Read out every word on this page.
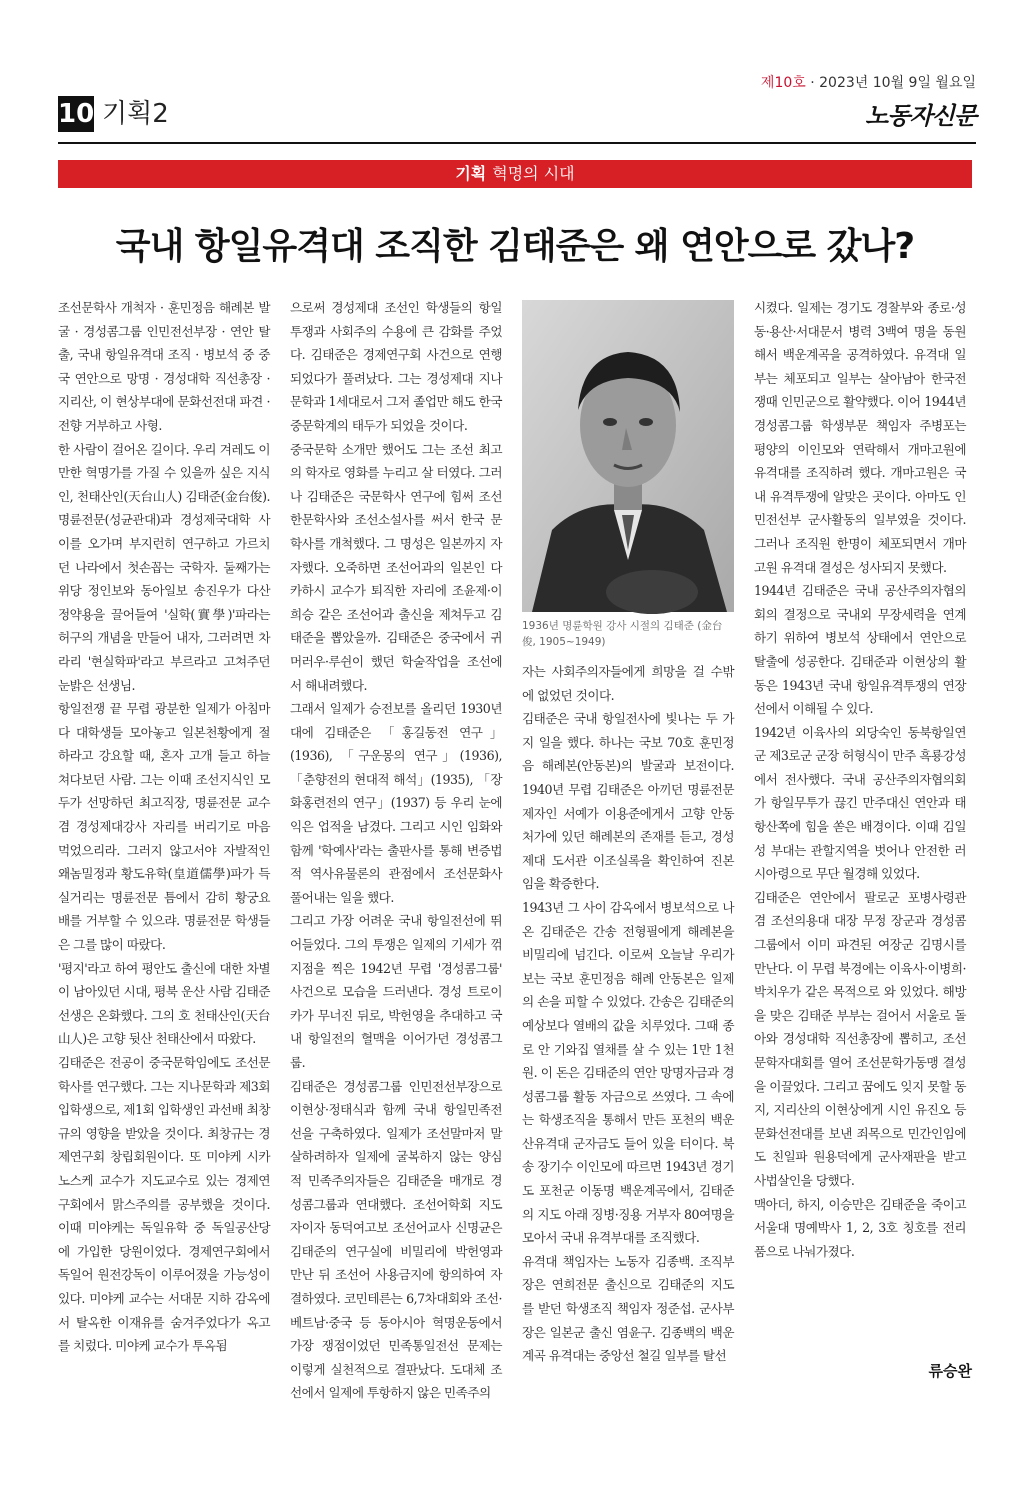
제10호 · 2023년 10월 9일 월요일
10 기획2	노동자신문
기획 혁명의 시대
국내 항일유격대 조직한 김태준은 왜 연안으로 갔나?

조선문학사 개척자 · 훈민정음 해례본 발굴 · 경성콤그룹 인민전선부장 · 연안 탈출, 국내 항일유격대 조직 · 병보석 중 중국 연안으로 망명 · 경성대학 직선총장 · 지리산, 이 현상부대에 문화선전대 파견 · 전향 거부하고 사형.

한 사람이 걸어온 길이다. 우리 겨레도 이 만한 혁명가를 가질 수 있을까 싶은 지식인, 천태산인(天台山人) 김태준(金台俊). 명륜전문(성균관대)과 경성제국대학 사이를 오가며 부지런히 연구하고 가르치던 나라에서 첫손꼽는 국학자. 둘째가는 위당 정인보와 동아일보 송진우가 다산 정약용을 끌어들여 '실학(實學)'파라는 허구의 개념을 만들어 내자, 그러려면 차라리 '현실학파'라고 부르라고 고쳐주던 눈밝은 선생님.

항일전쟁 끝 무렵 광분한 일제가 아침마다 대학생들 모아놓고 일본천황에게 절하라고 강요할 때, 혼자 고개 들고 하늘 쳐다보던 사람. 그는 이때 조선지식인 모두가 선망하던 최고직장, 명륜전문 교수 겸 경성제대강사 자리를 버리기로 마음먹었으리라. 그러지 않고서야 자발적인 왜놈밀정과 황도유학(皇道儒學)파가 득실거리는 명륜전문 틈에서 감히 황궁요배를 거부할 수 있으랴. 명륜전문 학생들은 그를 많이 따랐다.

'평지'라고 하여 평안도 출신에 대한 차별이 남아있던 시대, 평북 운산 사람 김태준 선생은 온화했다. 그의 호 천태산인(天台山人)은 고향 뒷산 천태산에서 따왔다.

김태준은 전공이 중국문학임에도 조선문학사를 연구했다. 그는 지나문학과 제3회 입학생으로, 제1회 입학생인 과선배 최창규의 영향을 받았을 것이다. 최창규는 경제연구회 창립회원이다. 또 미야케 시카노스케 교수가 지도교수로 있는 경제연구회에서 맑스주의를 공부했을 것이다. 이때 미야케는 독일유학 중 독일공산당에 가입한 당원이었다. 경제연구회에서 독일어 원전강독이 이루어졌을 가능성이 있다. 미야케 교수는 서대문 지하 감옥에서 탈옥한 이재유를 숨겨주었다가 옥고를 치렀다. 미야케 교수가 투옥됨

으로써 경성제대 조선인 학생들의 항일투쟁과 사회주의 수용에 큰 감화를 주었다. 김태준은 경제연구회 사건으로 연행되었다가 풀려났다. 그는 경성제대 지나문학과 1세대로서 그저 졸업만 해도 한국 중문학계의 태두가 되었을 것이다.

중국문학 소개만 했어도 그는 조선 최고의 학자로 영화를 누리고 살 터였다. 그러나 김태준은 국문학사 연구에 힘써 조선한문학사와 조선소설사를 써서 한국 문학사를 개척했다. 그 명성은 일본까지 자자했다. 오죽하면 조선어과의 일본인 다카하시 교수가 퇴직한 자리에 조윤제·이희승 같은 조선어과 출신을 제쳐두고 김태준을 뽑았을까. 김태준은 중국에서 귀머러우·루쉰이 했던 학술작업을 조선에서 해내려했다.

그래서 일제가 승전보를 올리던 1930년대에 김태준은 「홍길동전 연구」(1936), 「구운몽의 연구」(1936), 「춘향전의 현대적 해석」(1935), 「장화홍련전의 연구」(1937) 등 우리 눈에 익은 업적을 남겼다. 그리고 시인 임화와 함께 '학예사'라는 출판사를 통해 변증법적 역사유물론의 관점에서 조선문화사 풀어내는 일을 했다.

그리고 가장 어려운 국내 항일전선에 뛰어들었다. 그의 투쟁은 일제의 기세가 꺾지점을 찍은 1942년 무렵 '경성콤그룹' 사건으로 모습을 드러낸다. 경성 트로이카가 무너진 뒤로, 박헌영을 추대하고 국내 항일전의 혈맥을 이어가던 경성콤그룹.

김태준은 경성콤그룹 인민전선부장으로 이현상·정태식과 함께 국내 항일민족전선을 구축하였다. 일제가 조선말마저 말살하려하자 일제에 굴복하지 않는 양심적 민족주의자들은 김태준을 매개로 경성콤그룹과 연대했다. 조선어학회 지도자이자 동덕여고보 조선어교사 신명균은 김태준의 연구실에 비밀리에 박헌영과 만난 뒤 조선어 사용금지에 항의하여 자결하였다. 코민테른는 6,7차대회와 조선·베트남·중국 등 동아시아 혁명운동에서 가장 쟁점이었던 민족통일전선 문제는 이렇게 실천적으로 결판났다. 도대체 조선에서 일제에 투항하지 않은 민족주의

1936년 명륜학원 강사 시절의 김태준 (金台俊, 1905~1949)

자는 사회주의자들에게 희망을 걸 수밖에 없었던 것이다.

김태준은 국내 항일전사에 빛나는 두 가지 일을 했다. 하나는 국보 70호 훈민정음 해례본(안동본)의 발굴과 보전이다. 1940년 무렵 김태준은 아끼던 명륜전문 제자인 서예가 이용준에게서 고향 안동 처가에 있던 해례본의 존재를 듣고, 경성제대 도서관 이조실록을 확인하여 진본임을 확증한다.

1943년 그 사이 감옥에서 병보석으로 나온 김태준은 간송 전형필에게 해례본을 비밀리에 넘긴다. 이로써 오늘날 우리가 보는 국보 훈민정음 해례 안동본은 일제의 손을 피할 수 있었다. 간송은 김태준의 예상보다 열배의 값을 치루었다. 그때 종로 안 기와집 열채를 살 수 있는 1만 1천원. 이 돈은 김태준의 연안 망명자금과 경성콤그룹 활동 자금으로 쓰였다. 그 속에는 학생조직을 통해서 만든 포천의 백운산유격대 군자금도 들어 있을 터이다. 북송 장기수 이인모에 따르면 1943년 경기도 포천군 이동명 백운계곡에서, 김태준의 지도 아래 징병·징용 거부자 80여명을 모아서 국내 유격부대를 조직했다.

유격대 책임자는 노동자 김종백. 조직부장은 연희전문 출신으로 김태준의 지도를 받던 학생조직 책임자 정준섭. 군사부장은 일본군 출신 염윤구. 김종백의 백운계곡 유격대는 중앙선 철길 일부를 탈선

시켰다. 일제는 경기도 경찰부와 종로·성동·용산·서대문서 병력 3백여 명을 동원해서 백운계곡을 공격하였다. 유격대 일부는 체포되고 일부는 살아남아 한국전쟁때 인민군으로 활약했다. 이어 1944년 경성콤그룹 학생부문 책임자 주병포는 평양의 이인모와 연락해서 개마고원에 유격대를 조직하려 했다. 개마고원은 국내 유격투쟁에 알맞은 곳이다. 아마도 인민전선부 군사활동의 일부였을 것이다. 그러나 조직원 한명이 체포되면서 개마고원 유격대 결성은 성사되지 못했다.

1944년 김태준은 국내 공산주의자협의회의 결정으로 국내외 무장세력을 연계하기 위하여 병보석 상태에서 연안으로 탈출에 성공한다. 김태준과 이현상의 활동은 1943년 국내 항일유격투쟁의 연장선에서 이해될 수 있다.

1942년 이육사의 외당숙인 동북항일연군 제3로군 군장 허형식이 만주 흑룡강성에서 전사했다. 국내 공산주의자협의회가 항일무투가 끊긴 만주대신 연안과 태항산쪽에 힘을 쏟은 배경이다. 이때 김일성 부대는 관할지역을 벗어나 안전한 러시아령으로 무단 월경해 있었다.

김태준은 연안에서 팔로군 포병사령관 겸 조선의용대 대장 무정 장군과 경성콤그룹에서 이미 파견된 여장군 김명시를 만난다. 이 무렵 북경에는 이육사·이병희·박치우가 같은 목적으로 와 있었다. 해방을 맞은 김태준 부부는 걸어서 서울로 돌아와 경성대학 직선총장에 뽑히고, 조선문학자대회를 열어 조선문학가동맹 결성을 이끌었다. 그리고 꿈에도 잊지 못할 동지, 지리산의 이현상에게 시인 유진오 등 문화선전대를 보낸 죄목으로 민간인임에도 친일파 원용덕에게 군사재판을 받고 사법살인을 당했다.

맥아더, 하지, 이승만은 김태준을 죽이고 서울대 명예박사 1, 2, 3호 칭호를 전리품으로 나눠가졌다.

류승완
